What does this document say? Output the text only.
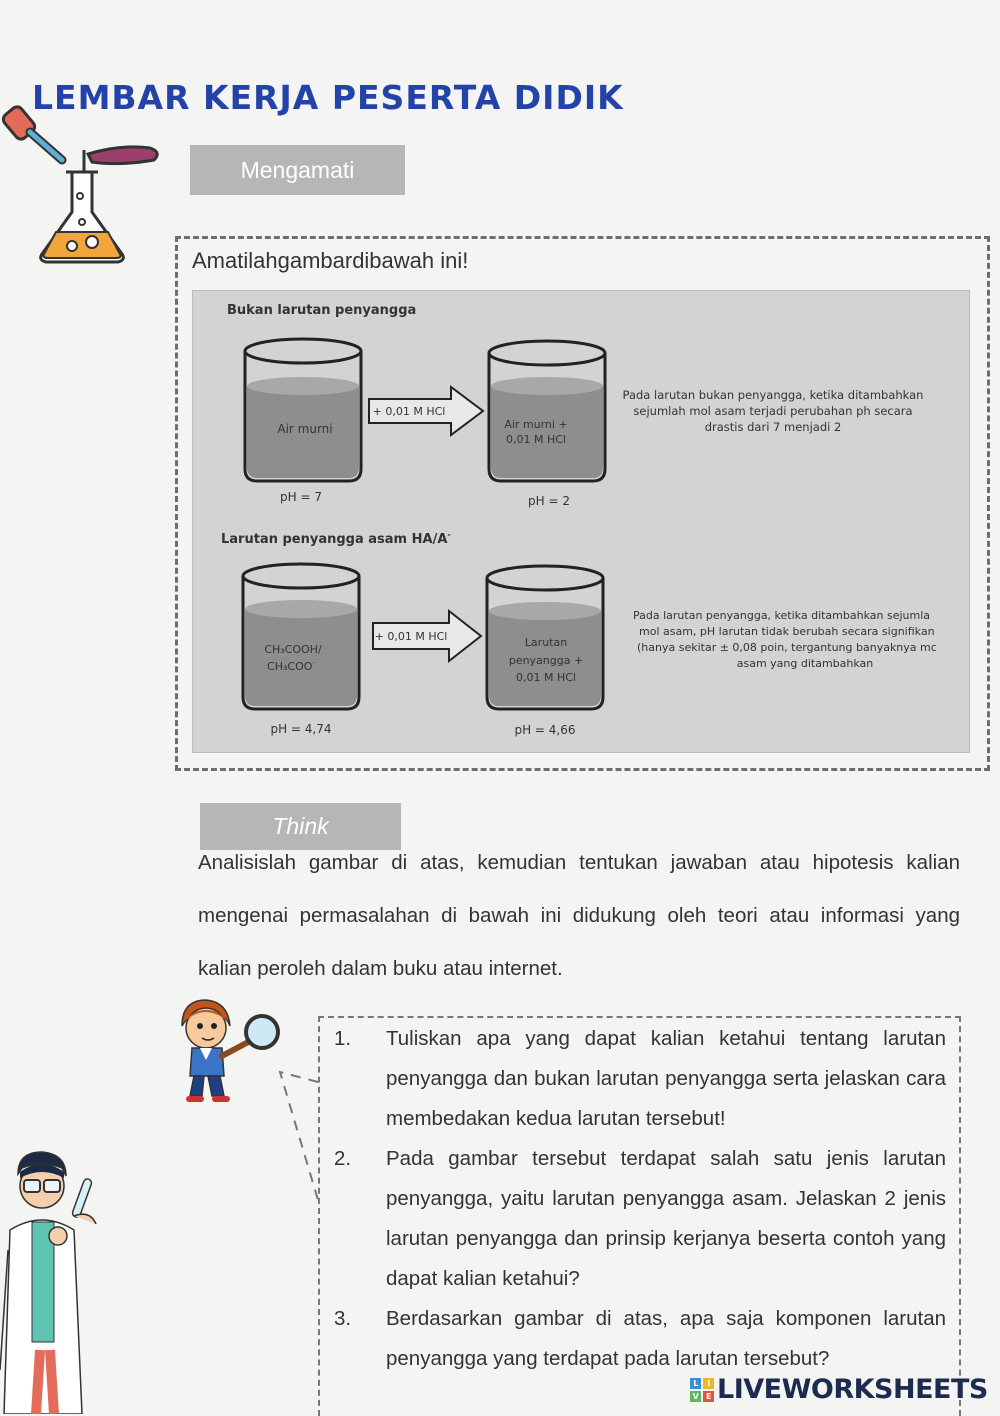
LEMBAR KERJA PESERTA DIDIK
Mengamati
Amatilahgambardibawah ini!
Bukan larutan penyangga
Air murni
pH = 7
+ 0,01 M HCl
Air murni +
0,01 M HCl
pH = 2
Pada larutan bukan penyangga, ketika ditambahkan
sejumlah mol asam terjadi perubahan ph secara
drastis dari 7 menjadi 2
Larutan penyangga asam HA/A-
CH₃COOH/
CH₃COO-
pH = 4,74
+ 0,01 M HCl	Larutan
penyangga +
0,01 M HCl
pH = 4,66
Pada larutan penyangga, ketika ditambahkan sejumla
mol asam, pH larutan tidak berubah secara signifikan
(hanya sekitar ± 0,08 poin, tergantung banyaknya mc
asam yang ditambahkan
Think

Analisislah gambar di atas, kemudian tentukan jawaban atau hipotesis kalian mengenai permasalahan di bawah ini didukung oleh teori atau informasi yang kalian peroleh dalam buku atau internet.

1.	Tuliskan apa yang dapat kalian ketahui tentang larutan penyangga dan bukan larutan penyangga serta jelaskan cara membedakan kedua larutan tersebut!
2.	Pada gambar tersebut terdapat salah satu jenis larutan penyangga, yaitu larutan penyangga asam. Jelaskan 2 jenis larutan penyangga dan prinsip kerjanya beserta contoh yang dapat kalian ketahui?
3.	Berdasarkan gambar di atas, apa saja komponen larutan penyangga yang terdapat pada larutan tersebut?
L	I
V E LIVEWORKSHEETS
